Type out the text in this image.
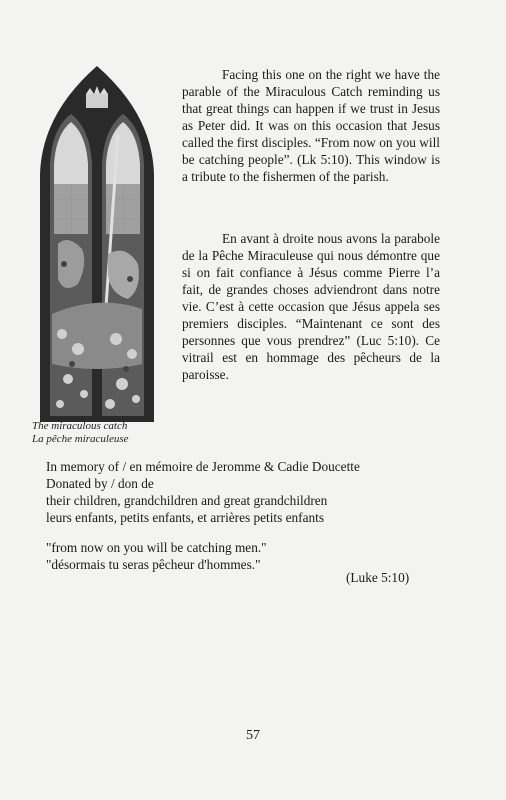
The miraculous catch
La pêche miraculeuse

Facing this one on the right we have the parable of the Miraculous Catch reminding us that great things can happen if we trust in Jesus as Peter did. It was on this occasion that Jesus called the first disciples. “From now on you will be catching people”. (Lk 5:10). This window is a tribute to the fishermen of the parish.

En avant à droite nous avons la parabole de la Pêche Miraculeuse qui nous démontre que si on fait confiance à Jésus comme Pierre l’a fait, de grandes choses adviendront dans notre vie. C’est à cette occasion que Jésus appela ses premiers disciples. “Maintenant ce sont des personnes que vous prendrez” (Luc 5:10). Ce vitrail est en hommage des pêcheurs de la paroisse.

In memory of / en mémoire de Jeromme & Cadie Doucette
Donated by / don de
their children, grandchildren and great grandchildren
leurs enfants, petits enfants, et arrières petits enfants
"from now on you will be catching men."
"désormais tu seras pêcheur d'hommes."
(Luke 5:10)
57
